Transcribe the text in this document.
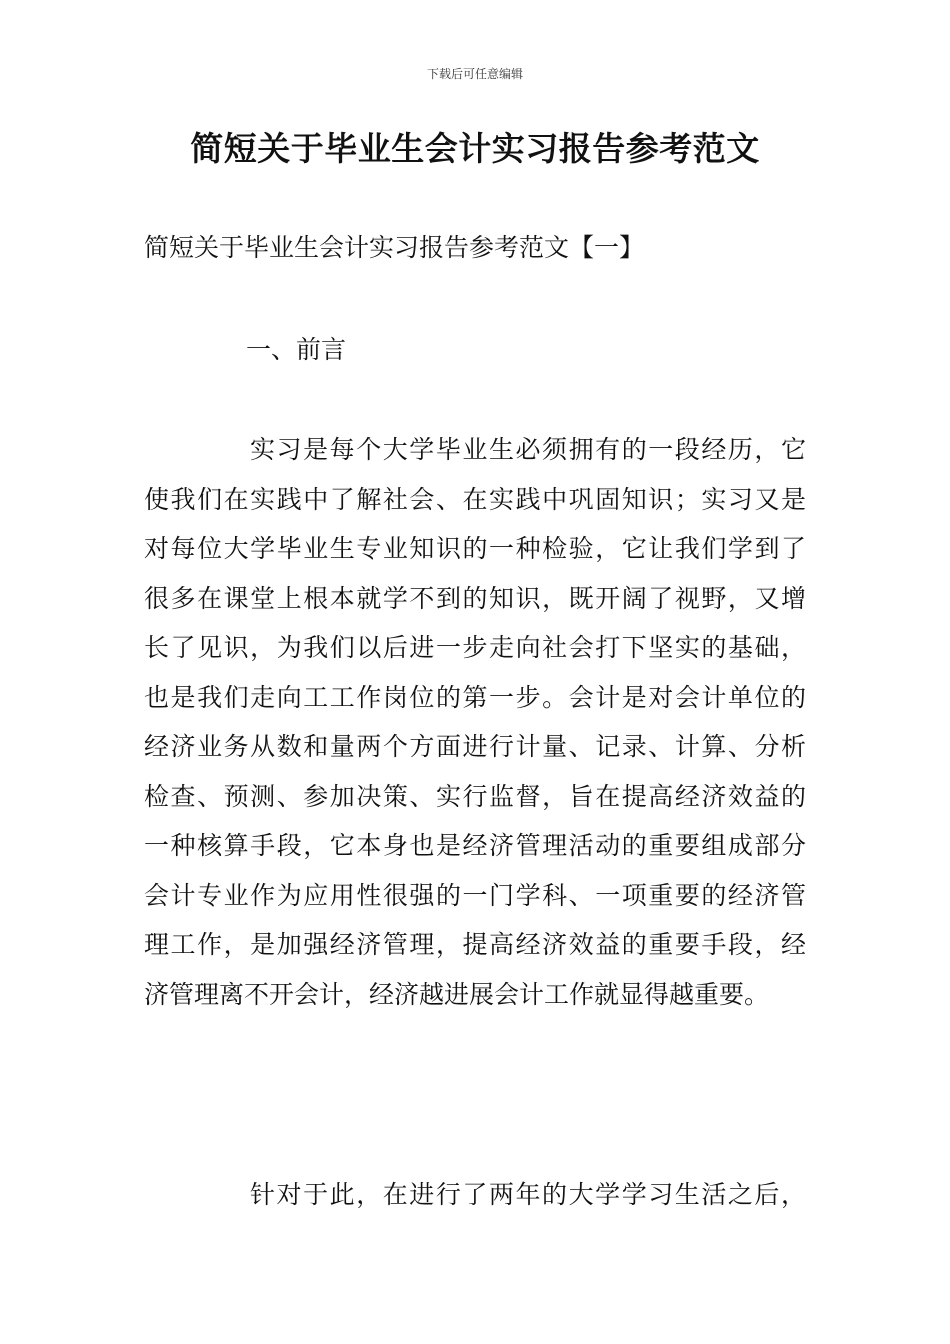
下载后可任意编辑
简短关于毕业生会计实习报告参考范文
简短关于毕业生会计实习报告参考范文【一】
一、前言
实习是每个大学毕业生必须拥有的一段经历，它
使我们在实践中了解社会、在实践中巩固知识；实习又是
对每位大学毕业生专业知识的一种检验，它让我们学到了
很多在课堂上根本就学不到的知识，既开阔了视野，又增
长了见识，为我们以后进一步走向社会打下坚实的基础，
也是我们走向工工作岗位的第一步。会计是对会计单位的
经济业务从数和量两个方面进行计量、记录、计算、分析
检查、预测、参加决策、实行监督，旨在提高经济效益的
一种核算手段，它本身也是经济管理活动的重要组成部分
会计专业作为应用性很强的一门学科、一项重要的经济管
理工作，是加强经济管理，提高经济效益的重要手段，经
济管理离不开会计，经济越进展会计工作就显得越重要。
针对于此，在进行了两年的大学学习生活之后，
